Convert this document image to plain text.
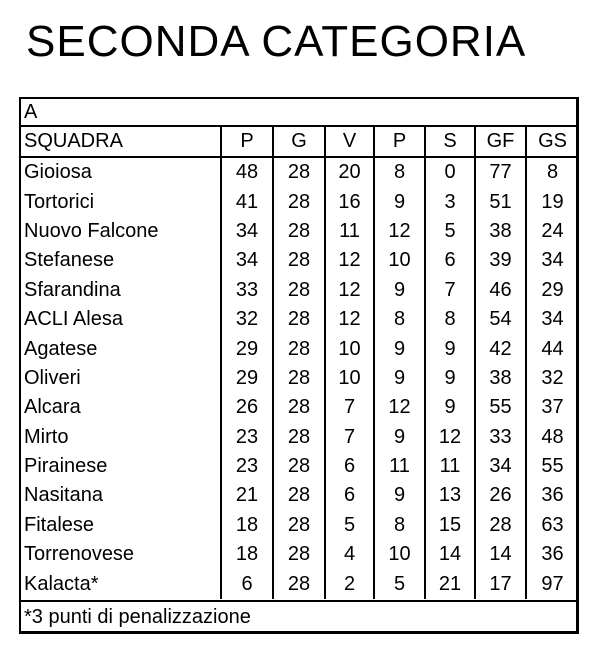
SECONDA CATEGORIA
A							
SQUADRA	P	G	V	P	S	GF	GS
Gioiosa	48	28	20	8	0	77	8
Tortorici	41	28	16	9	3	51	19
Nuovo Falcone	34	28	11	12	5	38	24
Stefanese	34	28	12	10	6	39	34
Sfarandina	33	28	12	9	7	46	29
ACLI Alesa	32	28	12	8	8	54	34
Agatese	29	28	10	9	9	42	44
Oliveri	29	28	10	9	9	38	32
Alcara	26	28	7	12	9	55	37
Mirto	23	28	7	9	12	33	48
Pirainese	23	28	6	11	11	34	55
Nasitana	21	28	6	9	13	26	36
Fitalese	18	28	5	8	15	28	63
Torrenovese	18	28	4	10	14	14	36
Kalacta*	6	28	2	5	21	17	97
*3 punti di penalizzazione
